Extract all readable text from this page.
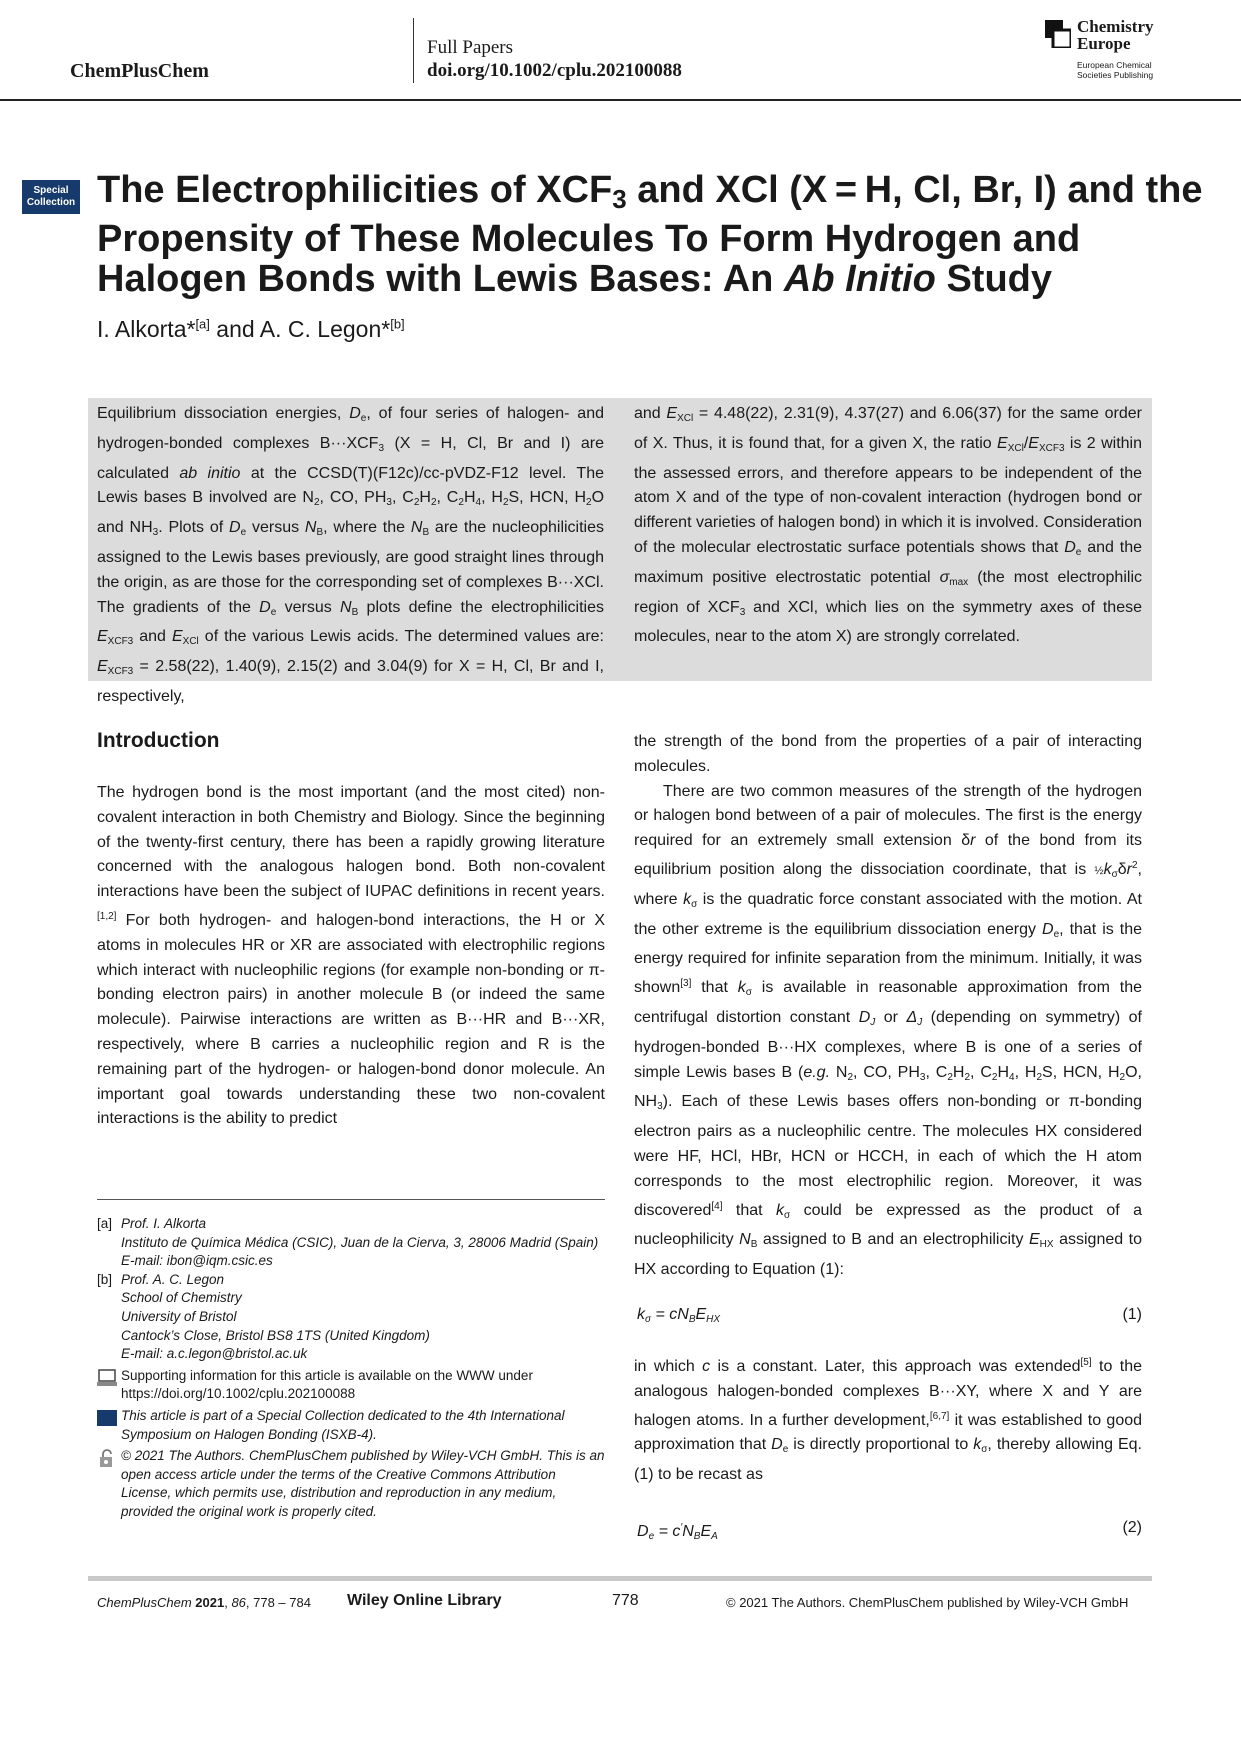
ChemPlusChem
Full Papers
doi.org/10.1002/cplu.202100088
Chemistry
Europe
European Chemical
Societies Publishing
Special
Collection The Electrophilicities of $XCF_3$ and XCl (X = H, Cl, Br, I) and the Propensity of These Molecules To Form Hydrogen and Halogen Bonds with Lewis Bases: An Ab Initio Study
I. Alkorta*[a] and A. C. Legon*[b]
Equilibrium dissociation energies, De, of four series of halogen- and hydrogen-bonded complexes B···XCF3 (X = H, Cl, Br and I) are calculated ab initio at the CCSD(T)(F12c)/cc-pVDZ-F12 level. The Lewis bases B involved are N2, CO, PH3, C2H2, C2H4, H2S, HCN, H2O and NH3. Plots of De versus NB, where the NB are the nucleophilicities assigned to the Lewis bases previously, are good straight lines through the origin, as are those for the corresponding set of complexes B···XCl. The gradients of the De versus NB plots define the electrophilicities EXCF3 and EXCl of the various Lewis acids. The determined values are: EXCF3 = 2.58(22), 1.40(9), 2.15(2) and 3.04(9) for X = H, Cl, Br and I, respectively,
and EXCl = 4.48(22), 2.31(9), 4.37(27) and 6.06(37) for the same order of X. Thus, it is found that, for a given X, the ratio EXCl/EXCF3 is 2 within the assessed errors, and therefore appears to be independent of the atom X and of the type of non-covalent interaction (hydrogen bond or different varieties of halogen bond) in which it is involved. Consideration of the molecular electrostatic surface potentials shows that De and the maximum positive electrostatic potential σmax (the most electrophilic region of XCF3 and XCl, which lies on the symmetry axes of these molecules, near to the atom X) are strongly correlated.
Introduction
The hydrogen bond is the most important (and the most cited) non-covalent interaction in both Chemistry and Biology. Since the beginning of the twenty-first century, there has been a rapidly growing literature concerned with the analogous halogen bond. Both non-covalent interactions have been the subject of IUPAC definitions in recent years.[1,2] For both hydrogen- and halogen-bond interactions, the H or X atoms in molecules HR or XR are associated with electrophilic regions which interact with nucleophilic regions (for example non-bonding or π-bonding electron pairs) in another molecule B (or indeed the same molecule). Pairwise interactions are written as B···HR and B···XR, respectively, where B carries a nucleophilic region and R is the remaining part of the hydrogen- or halogen-bond donor molecule. An important goal towards understanding these two non-covalent interactions is the ability to predict
the strength of the bond from the properties of a pair of interacting molecules.
There are two common measures of the strength of the hydrogen or halogen bond between of a pair of molecules. The first is the energy required for an extremely small extension δr of the bond from its equilibrium position along the dissociation coordinate, that is ½kσδr$^2$, where kσ is the quadratic force constant associated with the motion. At the other extreme is the equilibrium dissociation energy De, that is the energy required for infinite separation from the minimum. Initially, it was shown[3] that kσ is available in reasonable approximation from the centrifugal distortion constant DJ or ΔJ (depending on symmetry) of hydrogen-bonded B···HX complexes, where B is one of a series of simple Lewis bases B (e.g. N2, CO, PH3, C2H2, C2H4, H2S, HCN, H2O, NH3). Each of these Lewis bases offers non-bonding or π-bonding electron pairs as a nucleophilic centre. The molecules HX considered were HF, HCl, HBr, HCN or HCCH, in each of which the H atom corresponds to the most electrophilic region. Moreover, it was discovered[4] that kσ could be expressed as the product of a nucleophilicity NB assigned to B and an electrophilicity EHX assigned to HX according to Equation (1):
kσ = cNBEHX	(1)
in which c is a constant. Later, this approach was extended[5] to the analogous halogen-bonded complexes B···XY, where X and Y are halogen atoms. In a further development,[6,7] it was established to good approximation that De is directly proportional to kσ, thereby allowing Eq. (1) to be recast as
De = c′NBEA
(2)
[a] Prof. I. Alkorta
Instituto de Química Médica (CSIC), Juan de la Cierva, 3, 28006 Madrid (Spain)
E-mail: ibon@iqm.csic.es
[b] Prof. A. C. Legon
School of Chemistry
University of Bristol
Cantock’s Close, Bristol BS8 1TS (United Kingdom)
E-mail: a.c.legon@bristol.ac.uk
Supporting information for this article is available on the WWW under https://doi.org/10.1002/cplu.202100088
This article is part of a Special Collection dedicated to the 4th International Symposium on Halogen Bonding (ISXB-4).
© 2021 The Authors. ChemPlusChem published by Wiley-VCH GmbH. This is an open access article under the terms of the Creative Commons Attribution License, which permits use, distribution and reproduction in any medium, provided the original work is properly cited.
ChemPlusChem 2021, 86, 778 – 784 Wiley Online Library	778	© 2021 The Authors. ChemPlusChem published by Wiley-VCH GmbH
